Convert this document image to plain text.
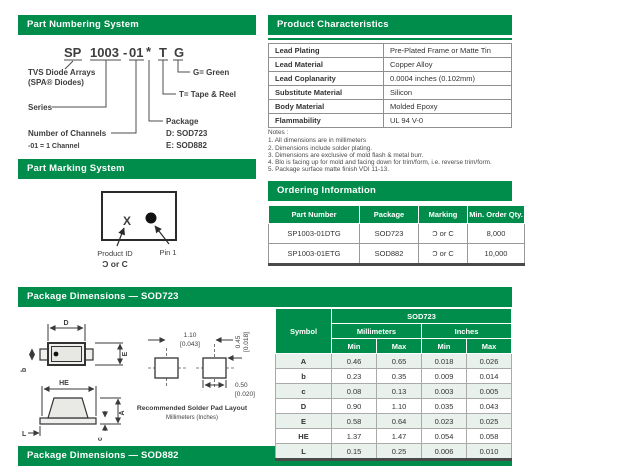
Part Numbering System	Product Characteristics
Part Marking System
Ordering Information
Package Dimensions — SOD723
Package Dimensions — SOD882
SP 1003 - 01 * T G
TVS Diode Arrays
(SPA® Diodes)
Series
Number of Channels
-01 = 1 Channel
Package
D: SOD723
E: SOD882
T= Tape & Reel
G= Green
X
Product ID
Ɔ or C
Pin 1
Lead Plating	Pre-Plated Frame or Matte Tin
Lead Material	Copper Alloy
Lead Coplanarity	0.0004 inches (0.102mm)
Substitute Material	Silicon
Body Material	Molded Epoxy
Flammability	UL 94 V-0
Notes :
1. All dimensions are in millimeters
2. Dimensions include solder plating.
3. Dimensions are exclusive of mold flash & metal burr.
4. Blo is facing up for mold and facing down for trim/form, i.e. reverse trim/form.
5. Package surface matte finish VDI 11-13.
Part Number	Package	Marking	Min. Order Qty.
SP1003-01DTG	SOD723	Ɔ or C	8,000
SP1003-01ETG	SOD882	Ɔ or C	10,000
D
b
E
HE
A
c
L
1.10
[0.043]	0.45 [0.018]
0.50
[0.020]
Recommended Solder Pad Layout
Millimeters (Inches)
Symbol	SOD723			
	Millimeters		Inches	
	Min	Max	Min	Max
A	0.46	0.65	0.018	0.026
b	0.23	0.35	0.009	0.014
c	0.08	0.13	0.003	0.005
D	0.90	1.10	0.035	0.043
E	0.58	0.64	0.023	0.025
HE	1.37	1.47	0.054	0.058
L	0.15	0.25	0.006	0.010
